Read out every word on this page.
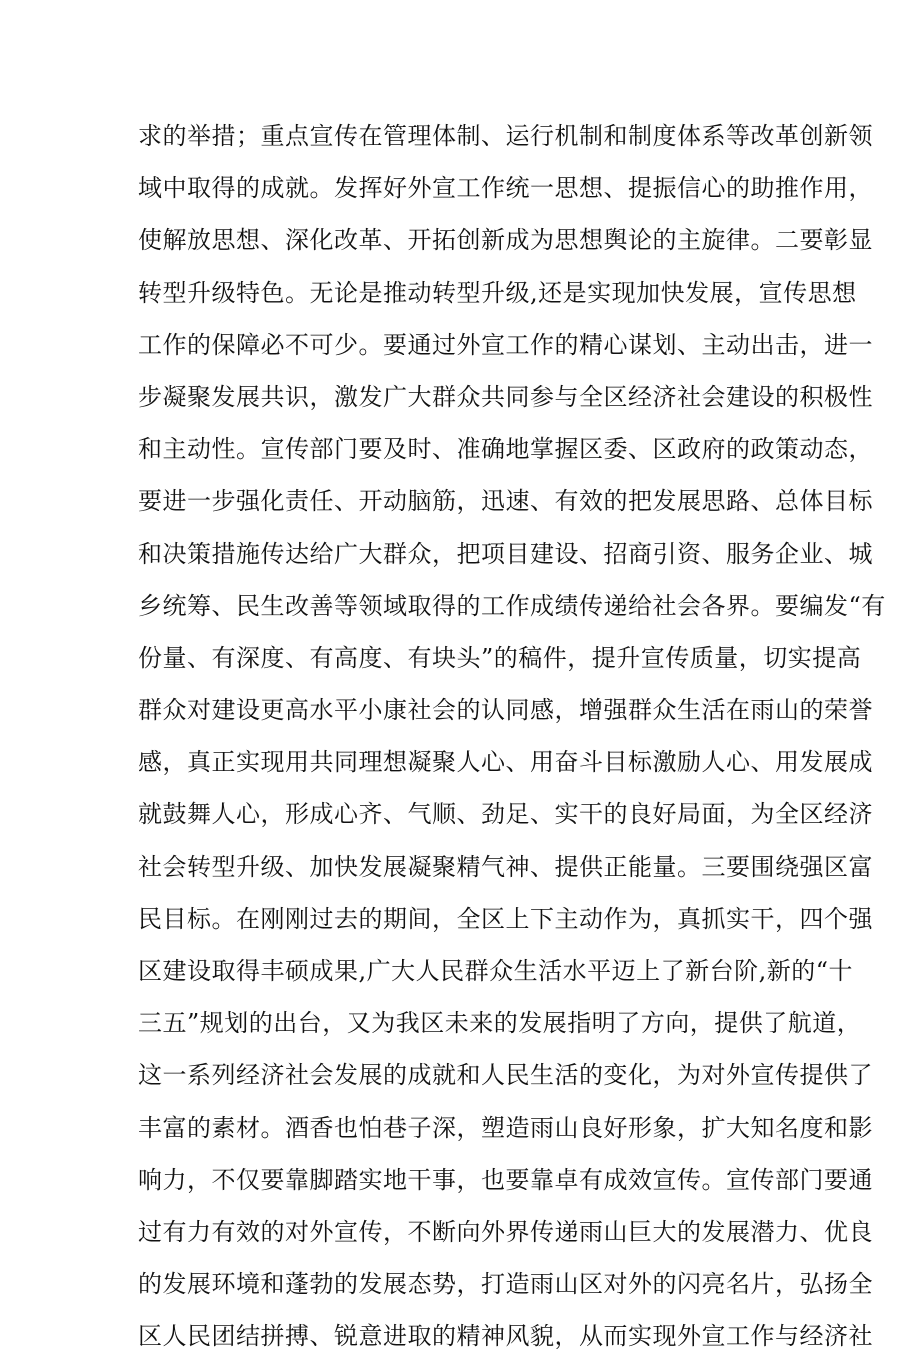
求的举措；重点宣传在管理体制、运行机制和制度体系等改革创新领
域中取得的成就。发挥好外宣工作统一思想、提振信心的助推作用，
使解放思想、深化改革、开拓创新成为思想舆论的主旋律。二要彰显
转型升级特色。无论是推动转型升级,还是实现加快发展，宣传思想
工作的保障必不可少。要通过外宣工作的精心谋划、主动出击，进一
步凝聚发展共识，激发广大群众共同参与全区经济社会建设的积极性
和主动性。宣传部门要及时、准确地掌握区委、区政府的政策动态，
要进一步强化责任、开动脑筋，迅速、有效的把发展思路、总体目标
和决策措施传达给广大群众，把项目建设、招商引资、服务企业、城
乡统筹、民生改善等领域取得的工作成绩传递给社会各界。要编发“有
份量、有深度、有高度、有块头”的稿件，提升宣传质量，切实提高
群众对建设更高水平小康社会的认同感，增强群众生活在雨山的荣誉
感，真正实现用共同理想凝聚人心、用奋斗目标激励人心、用发展成
就鼓舞人心，形成心齐、气顺、劲足、实干的良好局面，为全区经济
社会转型升级、加快发展凝聚精气神、提供正能量。三要围绕强区富
民目标。在刚刚过去的期间，全区上下主动作为，真抓实干，四个强
区建设取得丰硕成果,广大人民群众生活水平迈上了新台阶,新的“十
三五”规划的出台，又为我区未来的发展指明了方向，提供了航道，
这一系列经济社会发展的成就和人民生活的变化，为对外宣传提供了
丰富的素材。酒香也怕巷子深，塑造雨山良好形象，扩大知名度和影
响力，不仅要靠脚踏实地干事，也要靠卓有成效宣传。宣传部门要通
过有力有效的对外宣传，不断向外界传递雨山巨大的发展潜力、优良
的发展环境和蓬勃的发展态势，打造雨山区对外的闪亮名片，弘扬全
区人民团结拼搏、锐意进取的精神风貌，从而实现外宣工作与经济社
